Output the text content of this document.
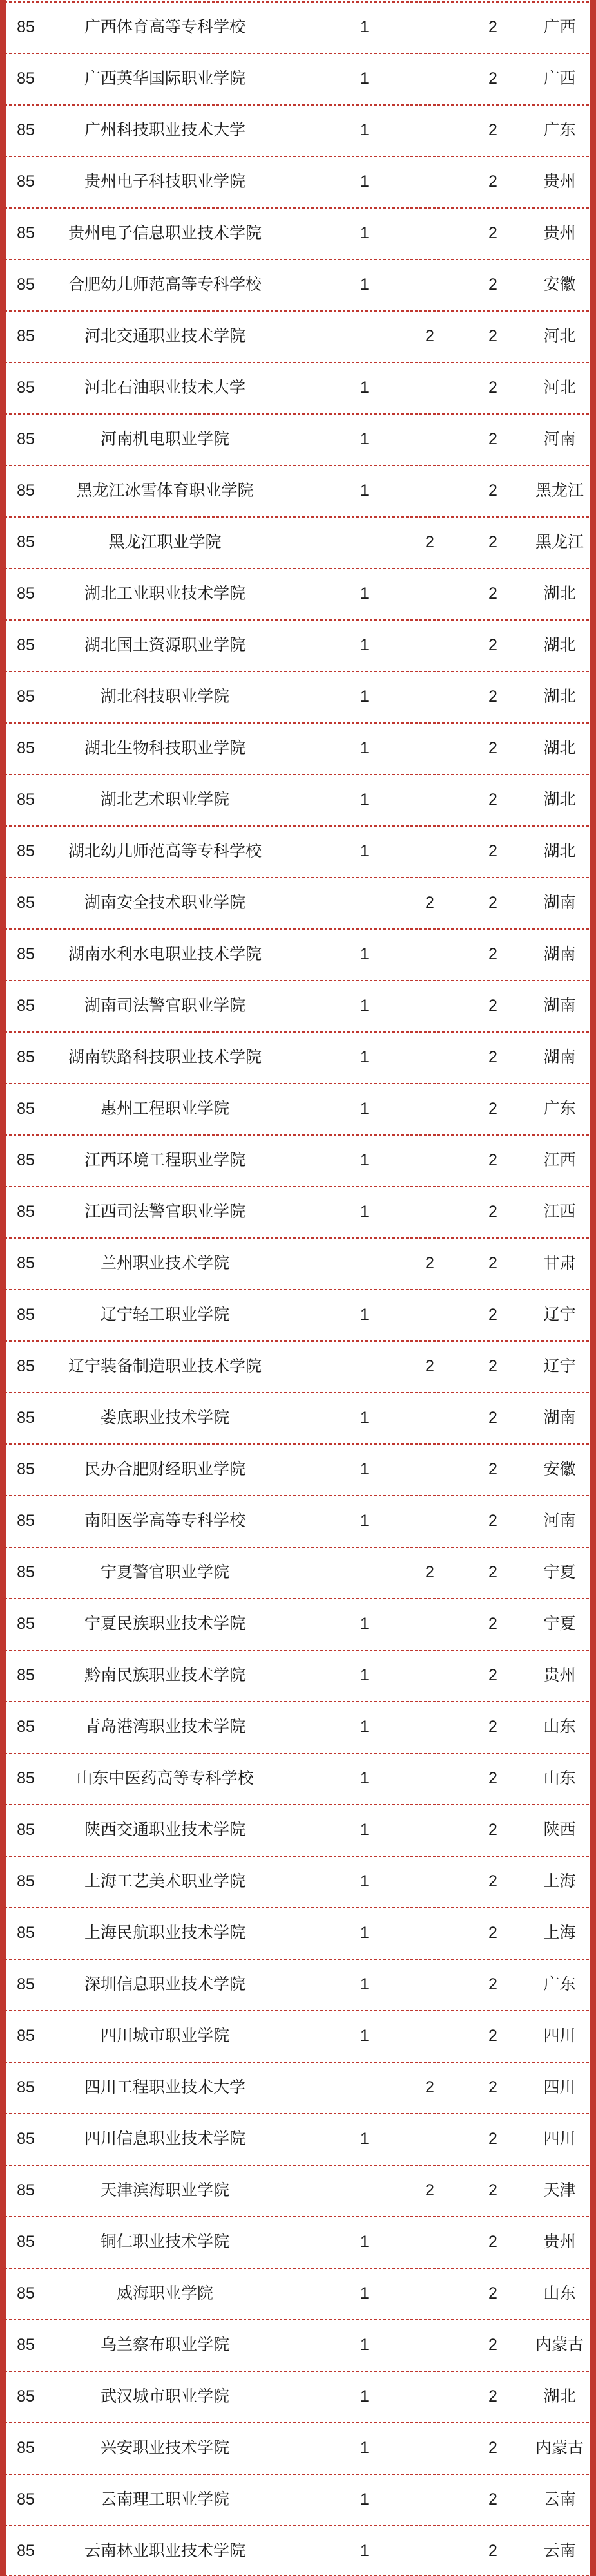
85	广西体育高等专科学校	1	2	广西
85	广西英华国际职业学院	1	2	广西
85	广州科技职业技术大学	1	2	广东
85	贵州电子科技职业学院	1	2	贵州
85	贵州电子信息职业技术学院	1	2	贵州
85	合肥幼儿师范高等专科学校	1	2	安徽
85	河北交通职业技术学院	2	2	河北
85	河北石油职业技术大学	1	2	河北
85	河南机电职业学院	1	2	河南
85	黑龙江冰雪体育职业学院	1	2	黑龙江
85	黑龙江职业学院	2	2	黑龙江
85	湖北工业职业技术学院	1	2	湖北
85	湖北国土资源职业学院	1	2	湖北
85	湖北科技职业学院	1	2	湖北
85	湖北生物科技职业学院	1	2	湖北
85	湖北艺术职业学院	1	2	湖北
85	湖北幼儿师范高等专科学校	1	2	湖北
85	湖南安全技术职业学院	2	2	湖南
85	湖南水利水电职业技术学院	1	2	湖南
85	湖南司法警官职业学院	1	2	湖南
85	湖南铁路科技职业技术学院	1	2	湖南
85	惠州工程职业学院	1	2	广东
85	江西环境工程职业学院	1	2	江西
85	江西司法警官职业学院	1	2	江西
85	兰州职业技术学院	2	2	甘肃
85	辽宁轻工职业学院	1	2	辽宁
85	辽宁装备制造职业技术学院	2	2	辽宁
85	娄底职业技术学院	1	2	湖南
85	民办合肥财经职业学院	1	2	安徽
85	南阳医学高等专科学校	1	2	河南
85	宁夏警官职业学院	2	2	宁夏
85	宁夏民族职业技术学院	1	2	宁夏
85	黔南民族职业技术学院	1	2	贵州
85	青岛港湾职业技术学院	1	2	山东
85	山东中医药高等专科学校	1	2	山东
85	陕西交通职业技术学院	1	2	陕西
85	上海工艺美术职业学院	1	2	上海
85	上海民航职业技术学院	1	2	上海
85	深圳信息职业技术学院	1	2	广东
85	四川城市职业学院	1	2	四川
85	四川工程职业技术大学	2	2	四川
85	四川信息职业技术学院	1	2	四川
85	天津滨海职业学院	2	2	天津
85	铜仁职业技术学院	1	2	贵州
85	威海职业学院	1	2	山东
85	乌兰察布职业学院	1	2	内蒙古
85	武汉城市职业学院	1	2	湖北
85	兴安职业技术学院	1	2	内蒙古
85	云南理工职业学院	1	2	云南
85	云南林业职业技术学院	1	2	云南
